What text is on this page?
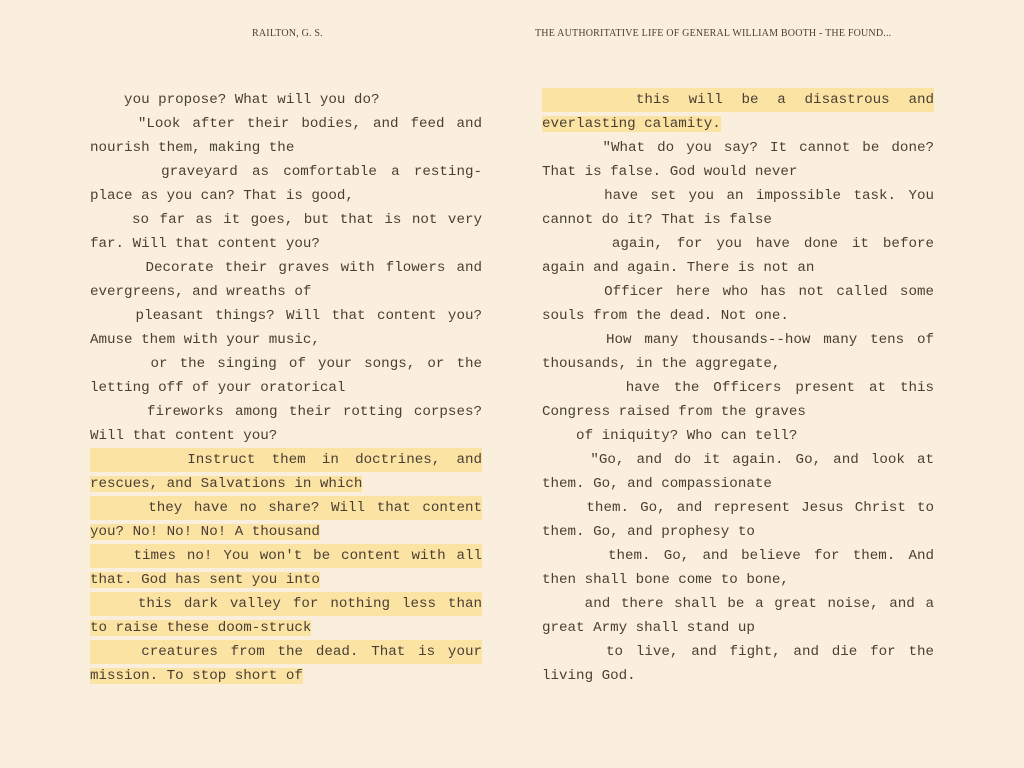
RAILTON, G. S.	THE AUTHORITATIVE LIFE OF GENERAL WILLIAM BOOTH - THE FOUND...
you propose? What will you do?
"Look after their bodies, and feed and
nourish them, making the
graveyard as comfortable a resting-
place as you can? That is good,
so far as it goes, but that is not very
far. Will that content you?
Decorate their graves with flowers and
evergreens, and wreaths of
pleasant things? Will that content you?
Amuse them with your music,
or the singing of your songs, or the
letting off of your oratorical
fireworks among their rotting corpses?
Will that content you?
Instruct them in doctrines, and
rescues, and Salvations in which
they have no share? Will that content
you? No! No! No! A thousand
times no! You won't be content with all
that. God has sent you into
this dark valley for nothing less than
to raise these doom-struck
creatures from the dead. That is your
mission. To stop short of
this will be a disastrous and
everlasting calamity.
"What do you say? It cannot be done?
That is false. God would never
have set you an impossible task. You
cannot do it? That is false
again, for you have done it before
again and again. There is not an
Officer here who has not called some
souls from the dead. Not one.
How many thousands--how many tens of
thousands, in the aggregate,
have the Officers present at this
Congress raised from the graves
of iniquity? Who can tell?
"Go, and do it again. Go, and look at
them. Go, and compassionate
them. Go, and represent Jesus Christ to
them. Go, and prophesy to
them. Go, and believe for them. And
then shall bone come to bone,
and there shall be a great noise, and a
great Army shall stand up
to live, and fight, and die for the
living God.
